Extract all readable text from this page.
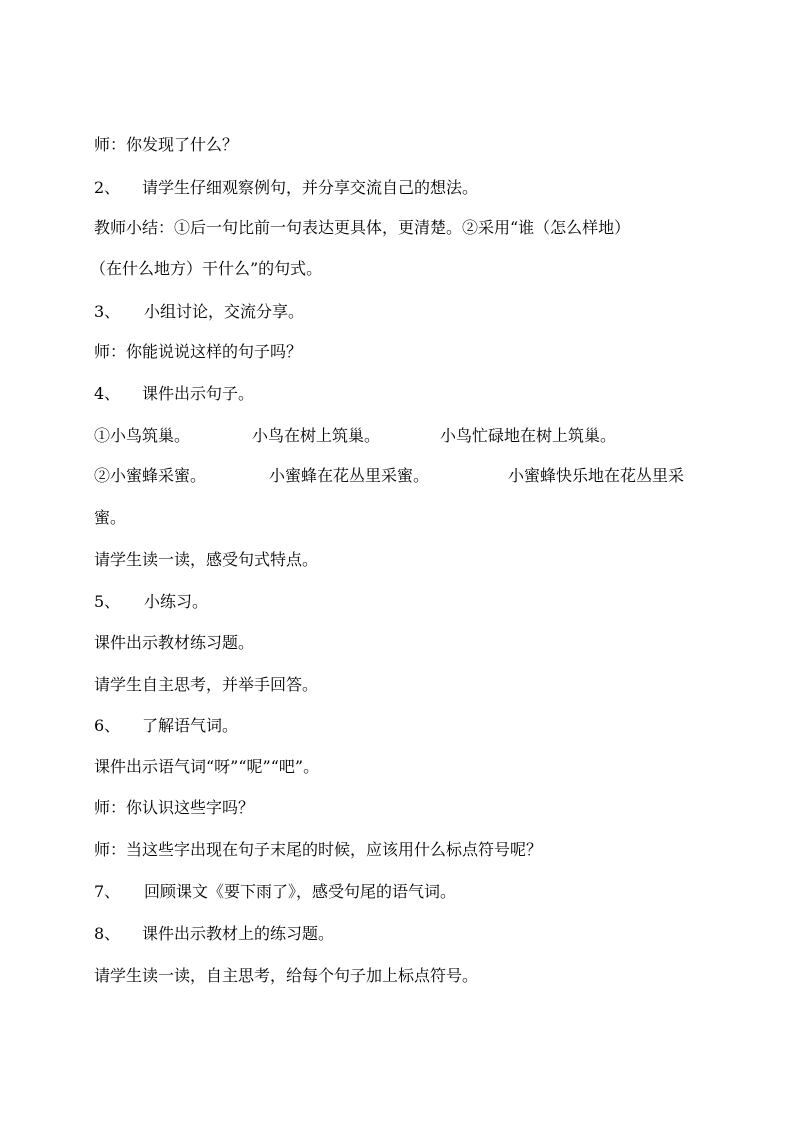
师：你发现了什么？
2、 请学生仔细观察例句，并分享交流自己的想法。
教师小结：①后一句比前一句表达更具体，更清楚。②采用“谁（怎么样地）
（在什么地方）干什么”的句式。
3、 小组讨论，交流分享。
师：你能说说这样的句子吗？
4、 课件出示句子。
①小鸟筑巢。	小鸟在树上筑巢。	小鸟忙碌地在树上筑巢。
②小蜜蜂采蜜。	小蜜蜂在花丛里采蜜。	小蜜蜂快乐地在花丛里采
蜜。
请学生读一读，感受句式特点。
5、 小练习。
课件出示教材练习题。
请学生自主思考，并举手回答。
6、 了解语气词。
课件出示语气词“呀”“呢”“吧”。
师：你认识这些字吗？
师：当这些字出现在句子末尾的时候，应该用什么标点符号呢？
7、 回顾课文《要下雨了》，感受句尾的语气词。
8、 课件出示教材上的练习题。
请学生读一读，自主思考，给每个句子加上标点符号。
